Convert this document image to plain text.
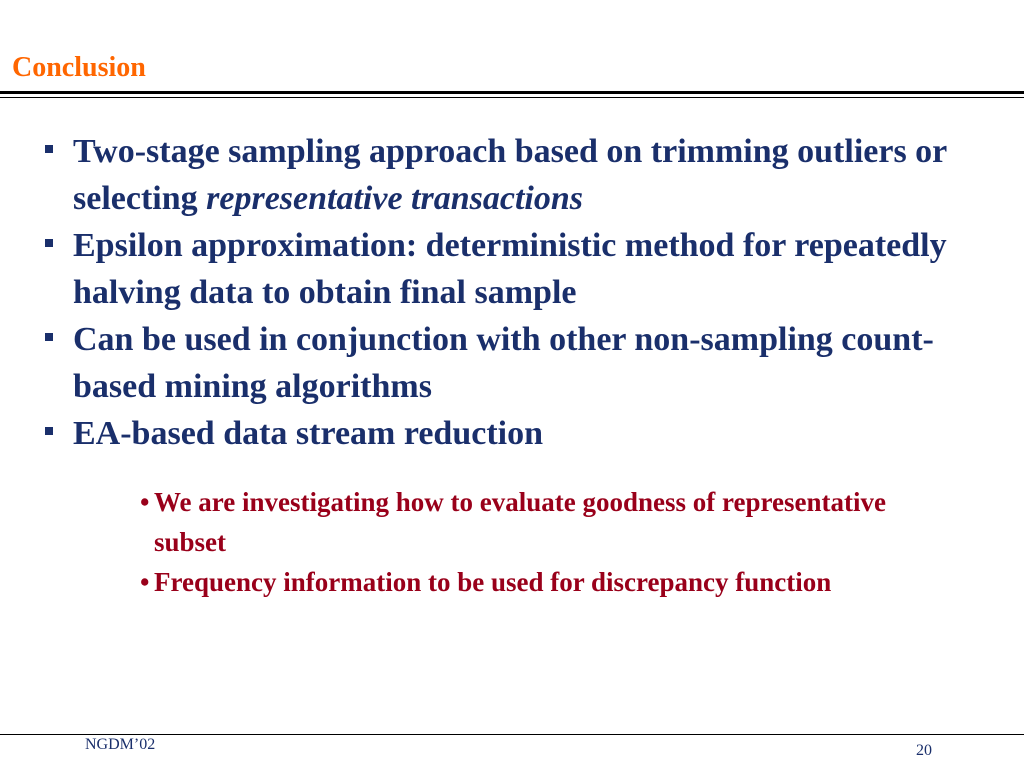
Conclusion
Two-stage sampling approach based on trimming outliers or selecting representative transactions
Epsilon approximation: deterministic method for repeatedly halving data to obtain final sample
Can be used in conjunction with other non-sampling count-based mining algorithms
EA-based data stream reduction
• We are investigating how to evaluate goodness of representative subset
• Frequency information to be used for discrepancy function
NGDM’02	20
